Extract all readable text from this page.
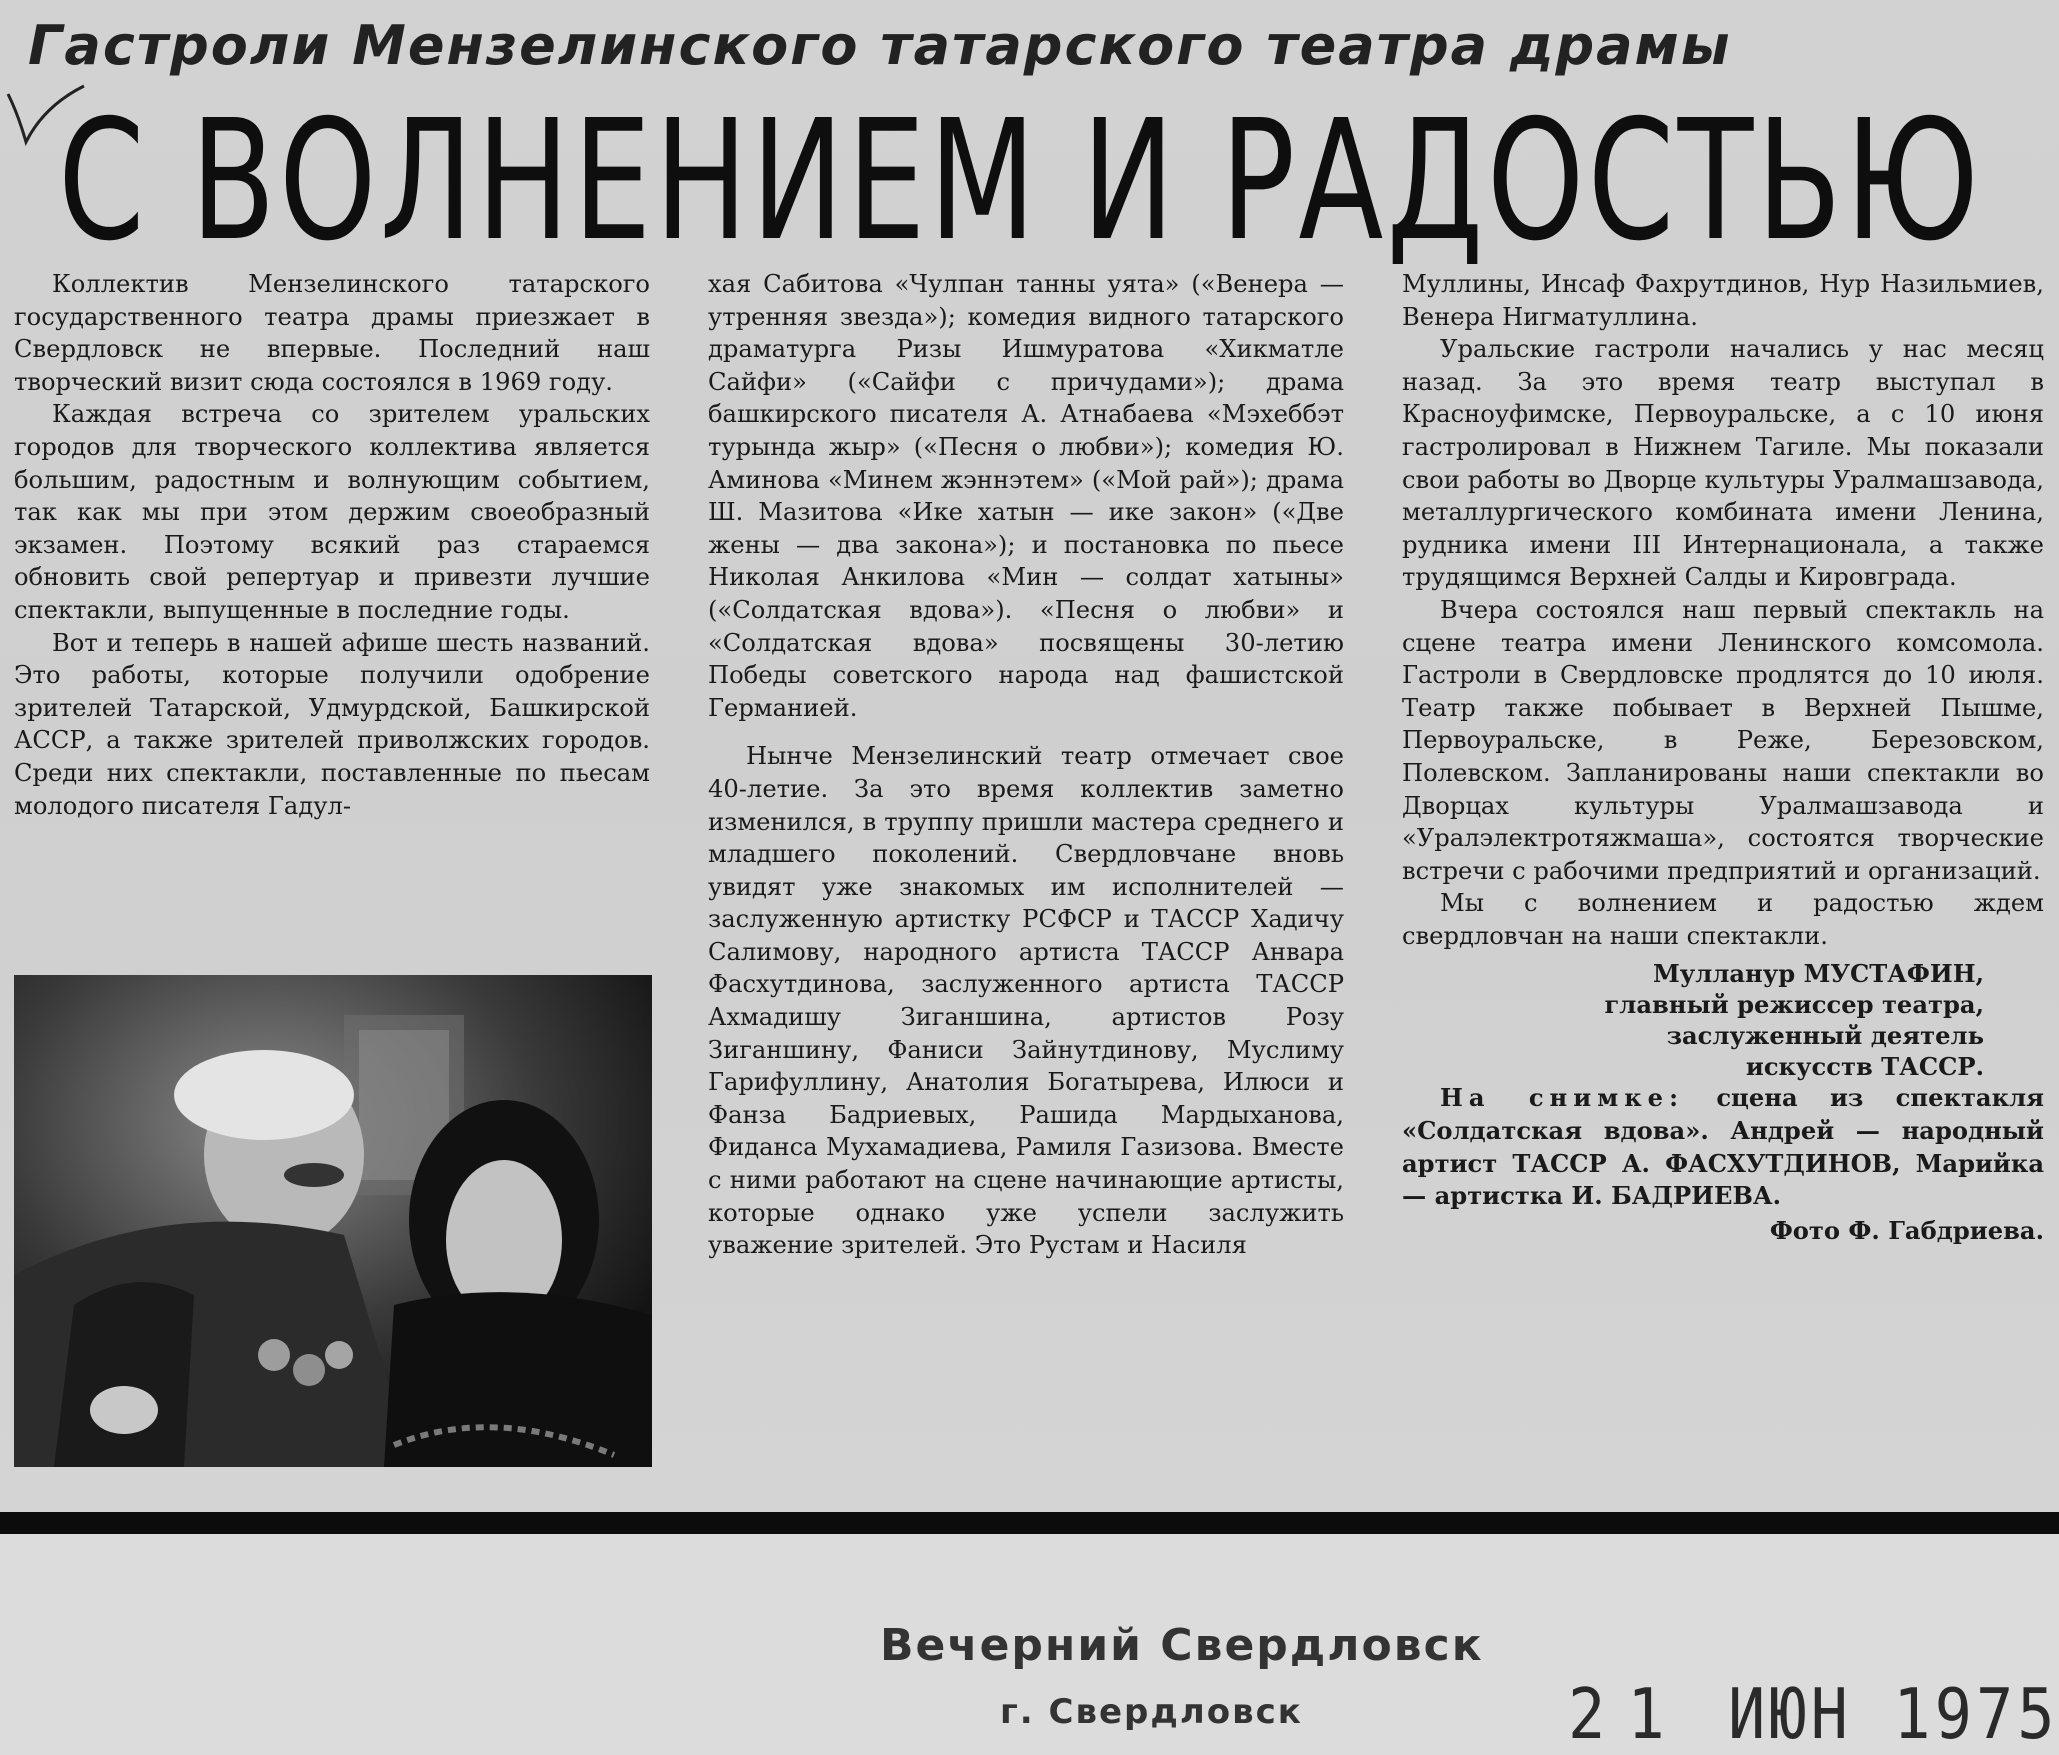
Гастроли Мензелинского татарского театра драмы
С ВОЛНЕНИЕМ И РАДОСТЬЮ

Коллектив Мензелинского татарского государственного театра драмы приезжает в Свердловск не впервые. Последний наш творческий визит сюда состоялся в 1969 году.

Каждая встреча со зрителем уральских городов для творческого коллектива является большим, радостным и волнующим событием, так как мы при этом держим своеобразный экзамен. Поэтому всякий раз стараемся обновить свой репертуар и привезти лучшие спектакли, выпущенные в последние годы.

Вот и теперь в нашей афише шесть названий. Это работы, которые получили одобрение зрителей Татарской, Удмурдской, Башкирской АССР, а также зрителей приволжских городов. Среди них спектакли, поставленные по пьесам молодого писателя Гадул-

хая Сабитова «Чулпан танны уята» («Венера — утренняя звезда»); комедия видного татарского драматурга Ризы Ишмуратова «Хикматле Сайфи» («Сайфи с причудами»); драма башкирского писателя А. Атнабаева «Мэхеббэт турында жыр» («Песня о любви»); комедия Ю. Аминова «Минем жэннэтем» («Мой рай»); драма Ш. Мазитова «Ике хатын — ике закон» («Две жены — два закона»); и постановка по пьесе Николая Анкилова «Мин — солдат хатыны» («Солдатская вдова»). «Песня о любви» и «Солдатская вдова» посвящены 30-летию Победы советского народа над фашистской Германией.

Нынче Мензелинский театр отмечает свое 40-летие. За это время коллектив заметно изменился, в труппу пришли мастера среднего и младшего поколений. Свердловчане вновь увидят уже знакомых им исполнителей — заслуженную артистку РСФСР и ТАССР Хадичу Салимову, народного артиста ТАССР Анвара Фасхутдинова, заслуженного артиста ТАССР Ахмадишу Зиганшина, артистов Розу Зиганшину, Фаниси Зайнутдинову, Муслиму Гарифуллину, Анатолия Богатырева, Илюси и Фанза Бадриевых, Рашида Мардыханова, Фиданса Мухамадиева, Рамиля Газизова. Вместе с ними работают на сцене начинающие артисты, которые однако уже успели заслужить уважение зрителей. Это Рустам и Насиля

Муллины, Инсаф Фахрутдинов, Нур Назильмиев, Венера Нигматуллина.

Уральские гастроли начались у нас месяц назад. За это время театр выступал в Красноуфимске, Первоуральске, а с 10 июня гастролировал в Нижнем Тагиле. Мы показали свои работы во Дворце культуры Уралмашзавода, металлургического комбината имени Ленина, рудника имени III Интернационала, а также трудящимся Верхней Салды и Кировграда.

Вчера состоялся наш первый спектакль на сцене театра имени Ленинского комсомола. Гастроли в Свердловске продлятся до 10 июля. Театр также побывает в Верхней Пышме, Первоуральске, в Реже, Березовском, Полевском. Запланированы наши спектакли во Дворцах культуры Уралмашзавода и «Уралэлектротяжмаша», состоятся творческие встречи с рабочими предприятий и организаций.

Мы с волнением и радостью ждем свердловчан на наши спектакли.

Мулланур МУСТАФИН,
главный режиссер театра,
заслуженный деятель
искусств ТАССР.

На снимке: сцена из спектакля «Солдатская вдова». Андрей — народный артист ТАССР А. ФАСХУТДИНОВ, Марийка — артистка И. БАДРИЕВА.

Фото Ф. Габдриева.
Вечерний Свердловск
г. Свердловск	21 ИЮН 1975
